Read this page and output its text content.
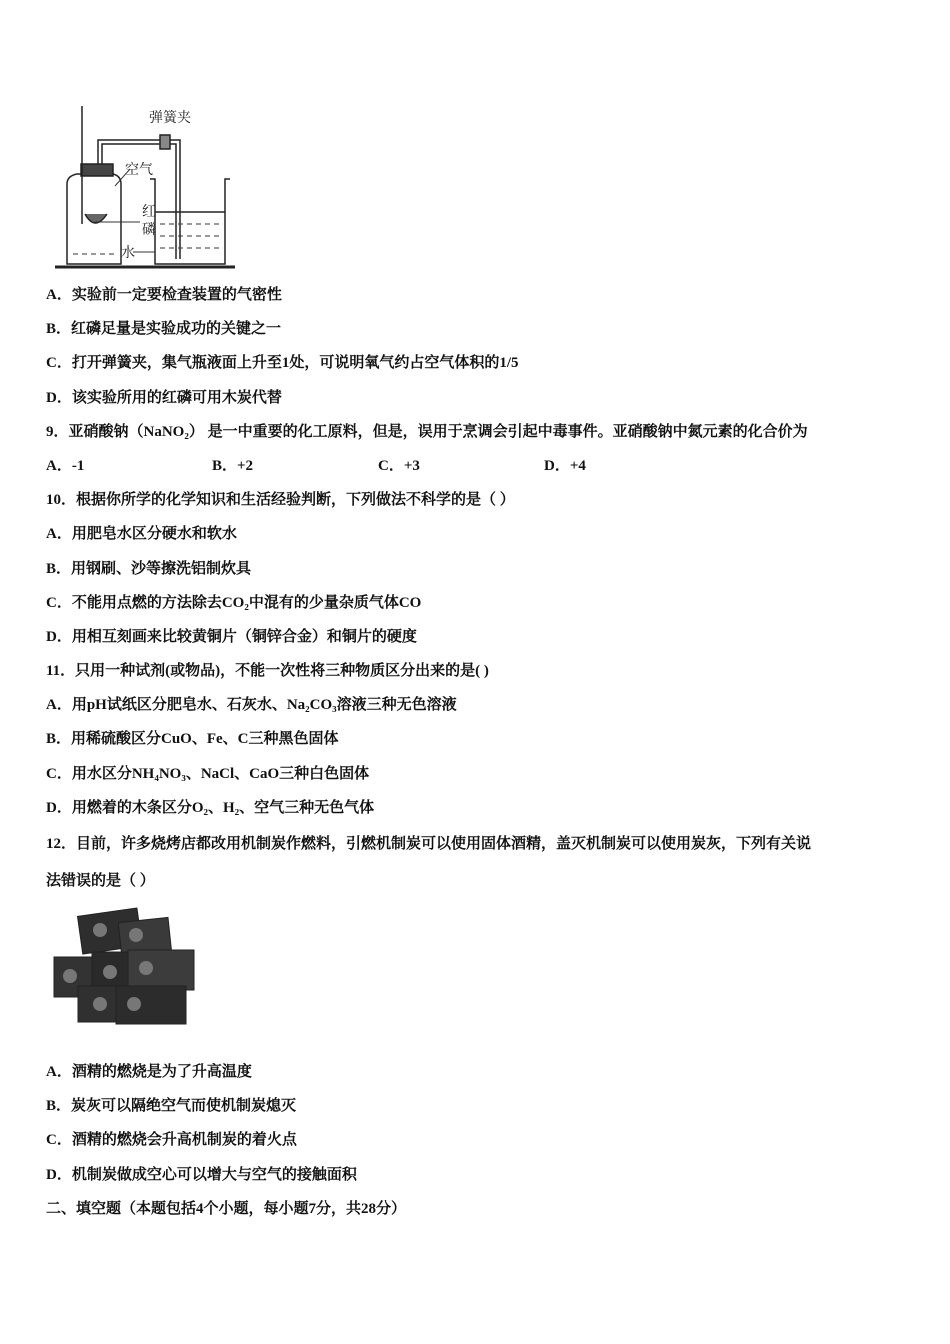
弹簧夹
空气
红
磷
水
A．实验前一定要检查装置的气密性
B．红磷足量是实验成功的关键之一
C．打开弹簧夹，集气瓶液面上升至1处，可说明氧气约占空气体积的1/5
D．该实验所用的红磷可用木炭代替
9．亚硝酸钠（NaNO₂） 是一中重要的化工原料，但是，误用于烹调会引起中毒事件。亚硝酸钠中氮元素的化合价为
A．-1	B．+2	C．+3	D．+4
10．根据你所学的化学知识和生活经验判断，下列做法不科学的是（ ）
A．用肥皂水区分硬水和软水
B．用钢刷、沙等擦洗铝制炊具
C．不能用点燃的方法除去CO₂中混有的少量杂质气体CO
D．用相互刻画来比较黄铜片（铜锌合金）和铜片的硬度
11．只用一种试剂(或物品)，不能一次性将三种物质区分出来的是( )
A．用pH试纸区分肥皂水、石灰水、Na₂CO₃溶液三种无色溶液
B．用稀硫酸区分CuO、Fe、C三种黑色固体
C．用水区分NH₄NO₃、NaCl、CaO三种白色固体
D．用燃着的木条区分O₂、H₂、空气三种无色气体
12．目前，许多烧烤店都改用机制炭作燃料，引燃机制炭可以使用固体酒精，盖灭机制炭可以使用炭灰，下列有关说
法错误的是（ ）
A．酒精的燃烧是为了升高温度
B．炭灰可以隔绝空气而使机制炭熄灭
C．酒精的燃烧会升高机制炭的着火点
D．机制炭做成空心可以增大与空气的接触面积
二、填空题（本题包括4个小题，每小题7分，共28分）
